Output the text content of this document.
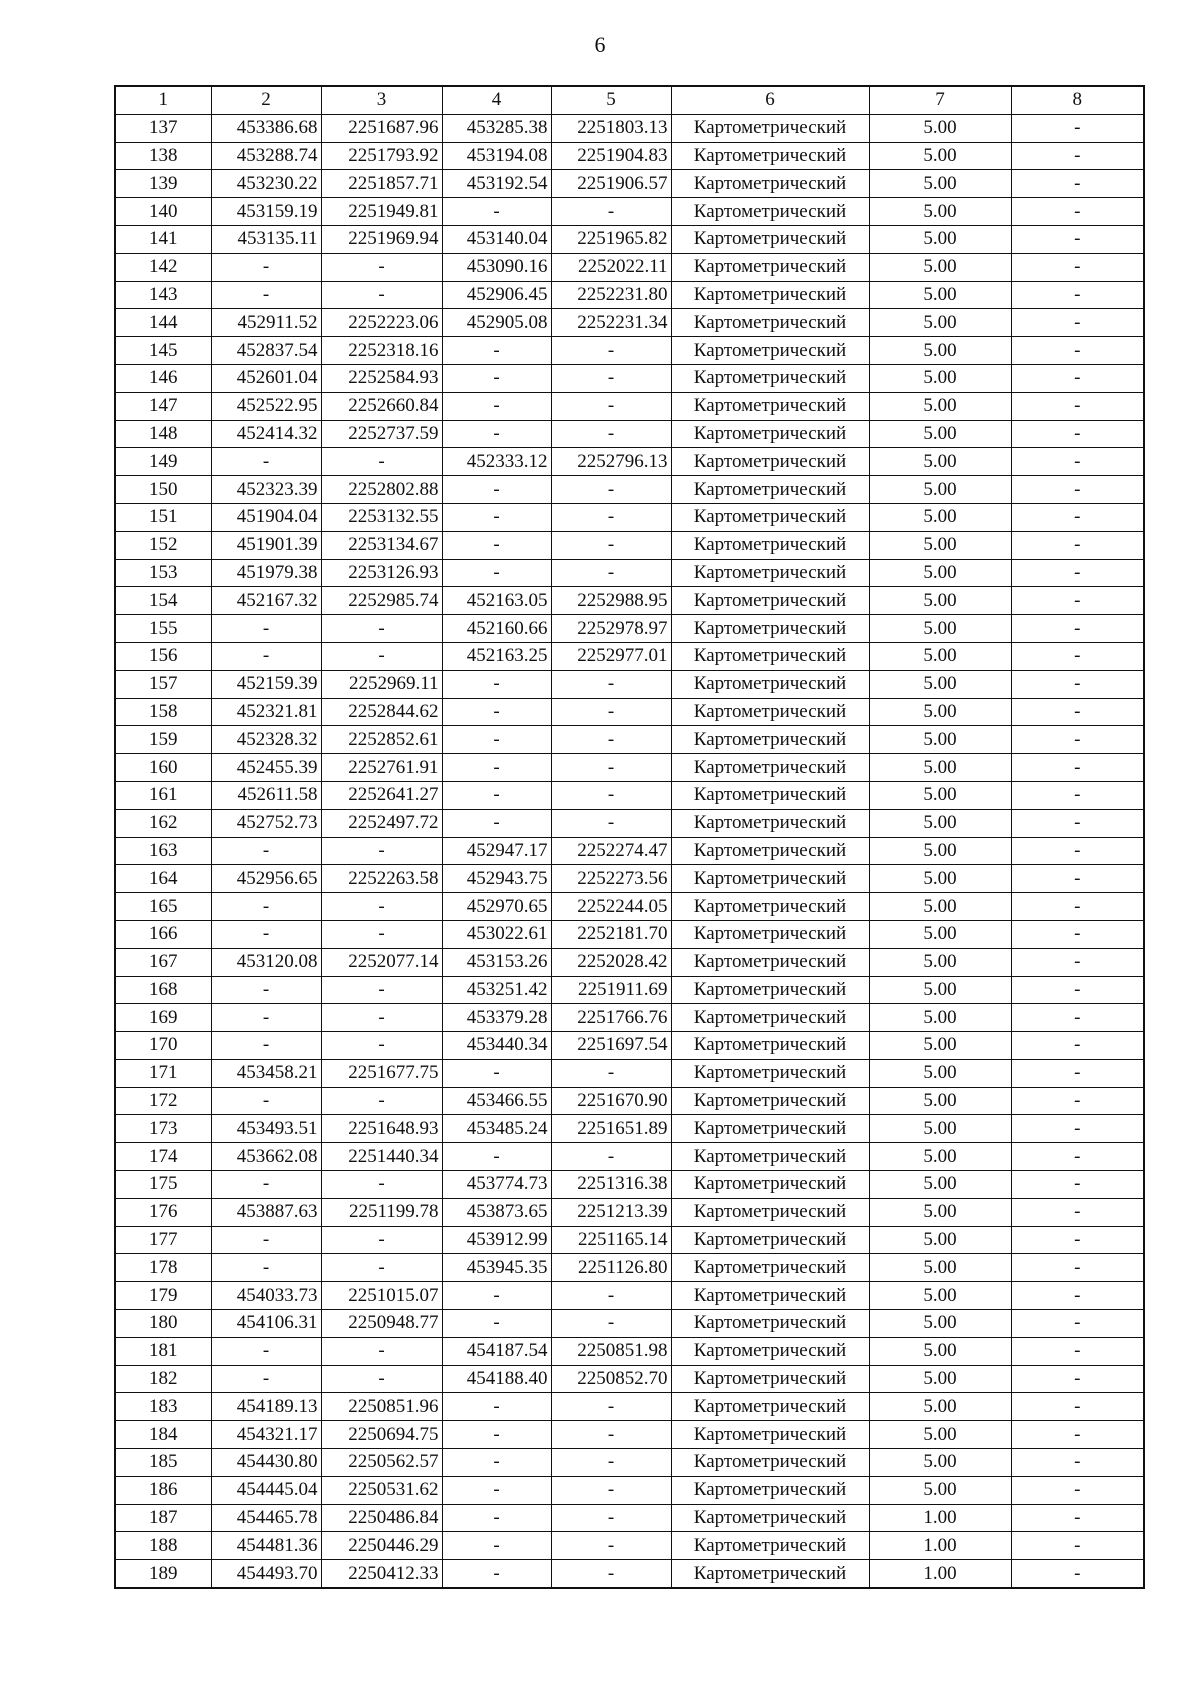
6
1	2	3	4	5	6	7	8
137	453386.68	2251687.96	453285.38	2251803.13	Картометрический	5.00	-
138	453288.74	2251793.92	453194.08	2251904.83	Картометрический	5.00	-
139	453230.22	2251857.71	453192.54	2251906.57	Картометрический	5.00	-
140	453159.19	2251949.81	-	-	Картометрический	5.00	-
141	453135.11	2251969.94	453140.04	2251965.82	Картометрический	5.00	-
142	-	-	453090.16	2252022.11	Картометрический	5.00	-
143	-	-	452906.45	2252231.80	Картометрический	5.00	-
144	452911.52	2252223.06	452905.08	2252231.34	Картометрический	5.00	-
145	452837.54	2252318.16	-	-	Картометрический	5.00	-
146	452601.04	2252584.93	-	-	Картометрический	5.00	-
147	452522.95	2252660.84	-	-	Картометрический	5.00	-
148	452414.32	2252737.59	-	-	Картометрический	5.00	-
149	-	-	452333.12	2252796.13	Картометрический	5.00	-
150	452323.39	2252802.88	-	-	Картометрический	5.00	-
151	451904.04	2253132.55	-	-	Картометрический	5.00	-
152	451901.39	2253134.67	-	-	Картометрический	5.00	-
153	451979.38	2253126.93	-	-	Картометрический	5.00	-
154	452167.32	2252985.74	452163.05	2252988.95	Картометрический	5.00	-
155	-	-	452160.66	2252978.97	Картометрический	5.00	-
156	-	-	452163.25	2252977.01	Картометрический	5.00	-
157	452159.39	2252969.11	-	-	Картометрический	5.00	-
158	452321.81	2252844.62	-	-	Картометрический	5.00	-
159	452328.32	2252852.61	-	-	Картометрический	5.00	-
160	452455.39	2252761.91	-	-	Картометрический	5.00	-
161	452611.58	2252641.27	-	-	Картометрический	5.00	-
162	452752.73	2252497.72	-	-	Картометрический	5.00	-
163	-	-	452947.17	2252274.47	Картометрический	5.00	-
164	452956.65	2252263.58	452943.75	2252273.56	Картометрический	5.00	-
165	-	-	452970.65	2252244.05	Картометрический	5.00	-
166	-	-	453022.61	2252181.70	Картометрический	5.00	-
167	453120.08	2252077.14	453153.26	2252028.42	Картометрический	5.00	-
168	-	-	453251.42	2251911.69	Картометрический	5.00	-
169	-	-	453379.28	2251766.76	Картометрический	5.00	-
170	-	-	453440.34	2251697.54	Картометрический	5.00	-
171	453458.21	2251677.75	-	-	Картометрический	5.00	-
172	-	-	453466.55	2251670.90	Картометрический	5.00	-
173	453493.51	2251648.93	453485.24	2251651.89	Картометрический	5.00	-
174	453662.08	2251440.34	-	-	Картометрический	5.00	-
175	-	-	453774.73	2251316.38	Картометрический	5.00	-
176	453887.63	2251199.78	453873.65	2251213.39	Картометрический	5.00	-
177	-	-	453912.99	2251165.14	Картометрический	5.00	-
178	-	-	453945.35	2251126.80	Картометрический	5.00	-
179	454033.73	2251015.07	-	-	Картометрический	5.00	-
180	454106.31	2250948.77	-	-	Картометрический	5.00	-
181	-	-	454187.54	2250851.98	Картометрический	5.00	-
182	-	-	454188.40	2250852.70	Картометрический	5.00	-
183	454189.13	2250851.96	-	-	Картометрический	5.00	-
184	454321.17	2250694.75	-	-	Картометрический	5.00	-
185	454430.80	2250562.57	-	-	Картометрический	5.00	-
186	454445.04	2250531.62	-	-	Картометрический	5.00	-
187	454465.78	2250486.84	-	-	Картометрический	1.00	-
188	454481.36	2250446.29	-	-	Картометрический	1.00	-
189	454493.70	2250412.33	-	-	Картометрический	1.00	-
